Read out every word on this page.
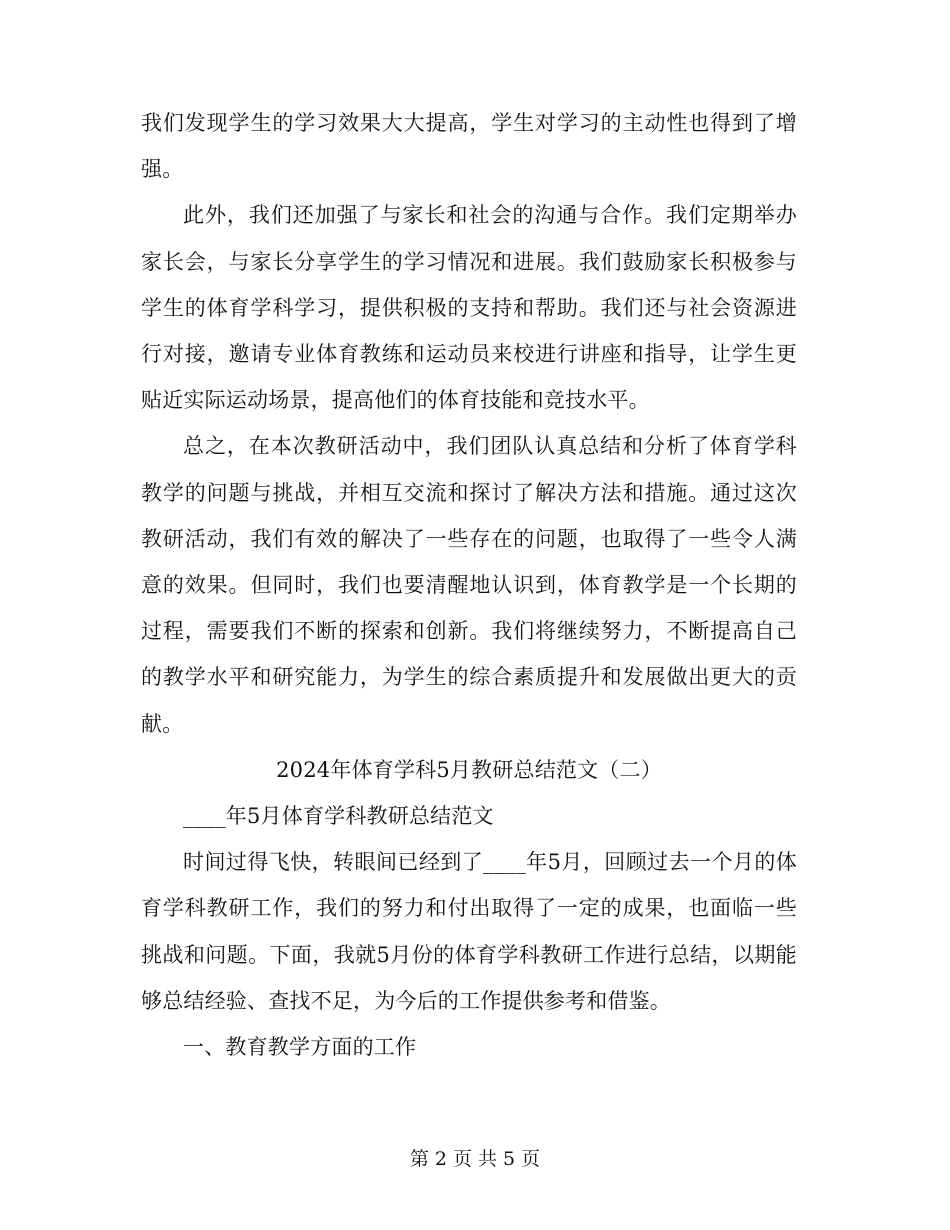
我们发现学生的学习效果大大提高，学生对学习的主动性也得到了增强。

此外，我们还加强了与家长和社会的沟通与合作。我们定期举办家长会，与家长分享学生的学习情况和进展。我们鼓励家长积极参与学生的体育学科学习，提供积极的支持和帮助。我们还与社会资源进行对接，邀请专业体育教练和运动员来校进行讲座和指导，让学生更贴近实际运动场景，提高他们的体育技能和竞技水平。

总之，在本次教研活动中，我们团队认真总结和分析了体育学科教学的问题与挑战，并相互交流和探讨了解决方法和措施。通过这次教研活动，我们有效的解决了一些存在的问题，也取得了一些令人满意的效果。但同时，我们也要清醒地认识到，体育教学是一个长期的过程，需要我们不断的探索和创新。我们将继续努力，不断提高自己的教学水平和研究能力，为学生的综合素质提升和发展做出更大的贡献。

2024年体育学科5月教研总结范文（二）

____年5月体育学科教研总结范文

时间过得飞快，转眼间已经到了____年5月，回顾过去一个月的体育学科教研工作，我们的努力和付出取得了一定的成果，也面临一些挑战和问题。下面，我就5月份的体育学科教研工作进行总结，以期能够总结经验、查找不足，为今后的工作提供参考和借鉴。

一、教育教学方面的工作

第 2 页 共 5 页
